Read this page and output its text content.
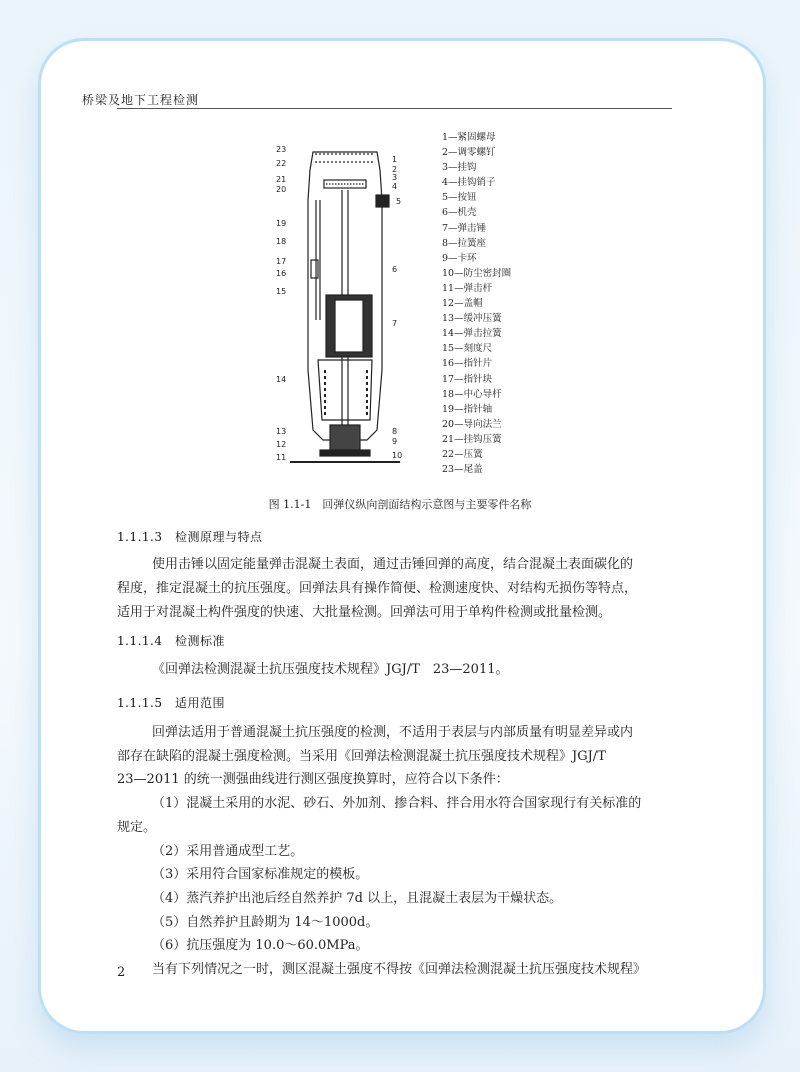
桥梁及地下工程检测
23
22
21
20
19
18
17
16
15
14
13
12
11
1
2
3
4
5
6
7
8
9
10
1—紧固螺母
2—调零螺钉
3—挂钩
4—挂钩销子
5—按钮
6—机壳
7—弹击锤
8—拉簧座
9—卡环
10—防尘密封圈
11—弹击杆
12—盖帽
13—缓冲压簧
14—弹击拉簧
15—刻度尺
16—指针片
17—指针块
18—中心导杆
19—指针轴
20—导向法兰
21—挂钩压簧
22—压簧
23—尾盖
图 1.1-1　回弹仪纵向剖面结构示意图与主要零件名称
1.1.1.3　检测原理与特点
使用击锤以固定能量弹击混凝土表面，通过击锤回弹的高度，结合混凝土表面碳化的
程度，推定混凝土的抗压强度。回弹法具有操作简便、检测速度快、对结构无损伤等特点，
适用于对混凝土构件强度的快速、大批量检测。回弹法可用于单构件检测或批量检测。
1.1.1.4　检测标准
《回弹法检测混凝土抗压强度技术规程》JGJ/T　23—2011。
1.1.1.5　适用范围
回弹法适用于普通混凝土抗压强度的检测，不适用于表层与内部质量有明显差异或内
部存在缺陷的混凝土强度检测。当采用《回弹法检测混凝土抗压强度技术规程》JGJ/T
23—2011 的统一测强曲线进行测区强度换算时，应符合以下条件：
（1）混凝土采用的水泥、砂石、外加剂、掺合料、拌合用水符合国家现行有关标准的
规定。
（2）采用普通成型工艺。
（3）采用符合国家标准规定的模板。
（4）蒸汽养护出池后经自然养护 7d 以上，且混凝土表层为干燥状态。
（5）自然养护且龄期为 14～1000d。
（6）抗压强度为 10.0～60.0MPa。
当有下列情况之一时，测区混凝土强度不得按《回弹法检测混凝土抗压强度技术规程》
2
